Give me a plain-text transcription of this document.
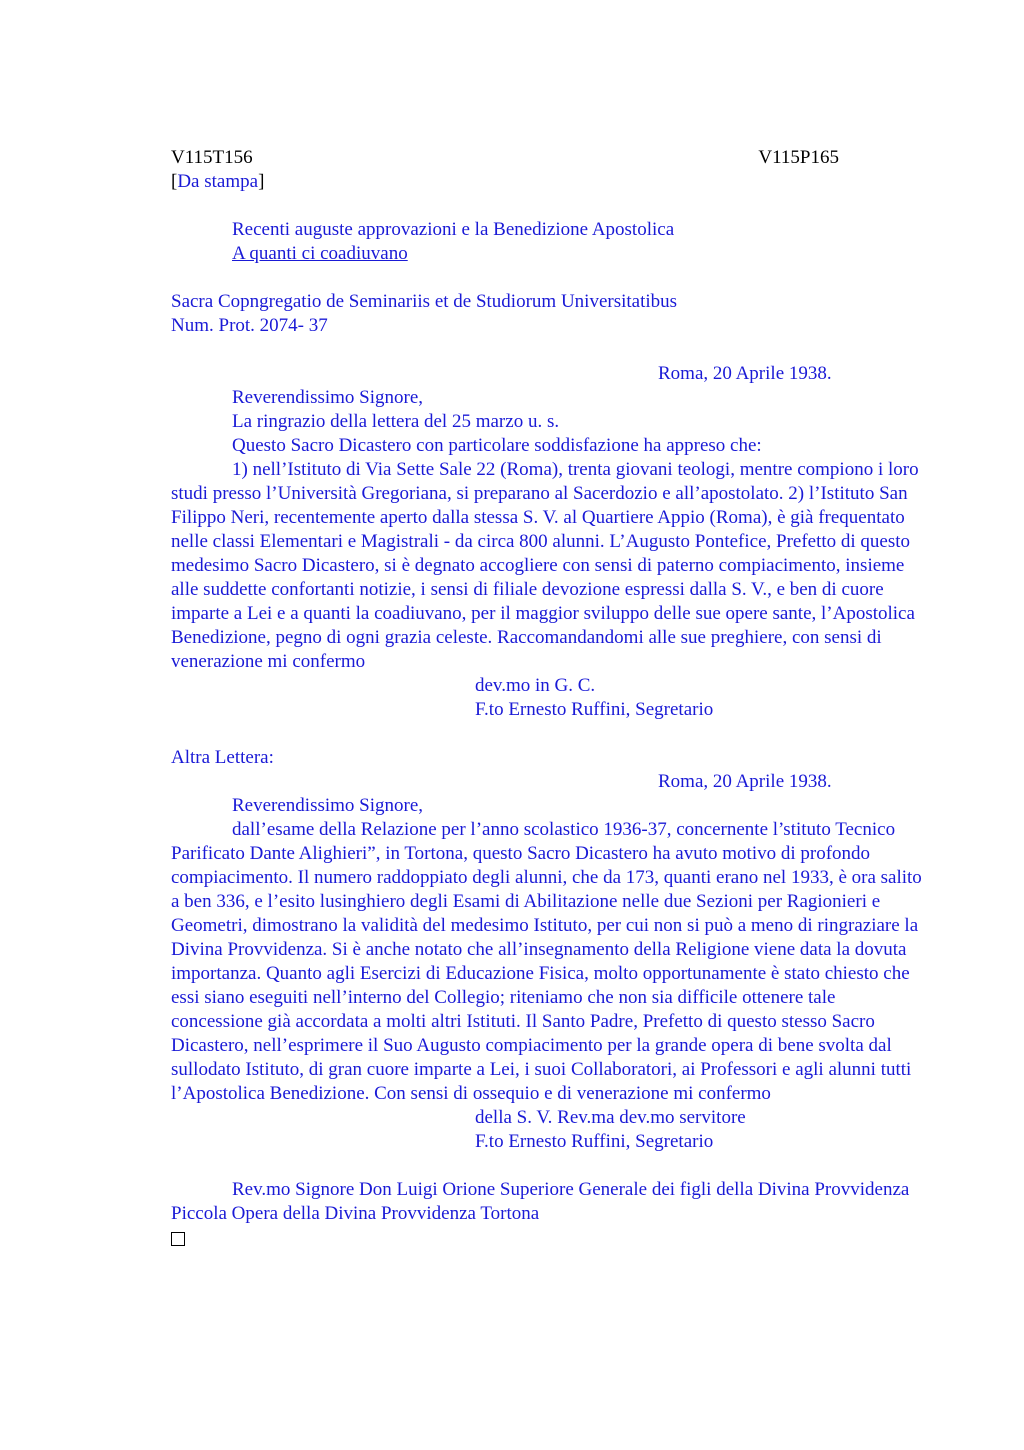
V115T156	V115P165
[Da stampa]
Recenti auguste approvazioni e la Benedizione Apostolica
A quanti ci coadiuvano
Sacra Copngregatio de Seminariis et de Studiorum Universitatibus
Num. Prot. 2074- 37
Roma, 20 Aprile 1938.
Reverendissimo Signore,
La ringrazio della lettera del 25 marzo u. s.
Questo Sacro Dicastero con particolare soddisfazione ha appreso che:
1) nell’Istituto di Via Sette Sale 22 (Roma), trenta giovani teologi, mentre compiono i loro studi presso l’Università Gregoriana, si preparano al Sacerdozio e all’apostolato. 2) l’Istituto San Filippo Neri, recentemente aperto dalla stessa S. V. al Quartiere Appio (Roma), è già frequentato nelle classi Elementari e Magistrali - da circa 800 alunni. L’Augusto Pontefice, Prefetto di questo medesimo Sacro Dicastero, si è degnato accogliere con sensi di paterno compiacimento, insieme alle suddette confortanti notizie, i sensi di filiale devozione espressi dalla S. V., e ben di cuore imparte a Lei e a quanti la coadiuvano, per il maggior sviluppo delle sue opere sante, l’Apostolica Benedizione, pegno di ogni grazia celeste. Raccomandandomi alle sue preghiere, con sensi di venerazione mi confermo
dev.mo in G. C.
F.to Ernesto Ruffini, Segretario
Altra Lettera:
Roma, 20 Aprile 1938.
Reverendissimo Signore,
dall’esame della Relazione per l’anno scolastico 1936-37, concernente l’stituto Tecnico Parificato Dante Alighieri”, in Tortona, questo Sacro Dicastero ha avuto motivo di profondo compiacimento. Il numero raddoppiato degli alunni, che da 173, quanti erano nel 1933, è ora salito a ben 336, e l’esito lusinghiero degli Esami di Abilitazione nelle due Sezioni per Ragionieri e Geometri, dimostrano la validità del medesimo Istituto, per cui non si può a meno di ringraziare la Divina Provvidenza. Si è anche notato che all’insegnamento della Religione viene data la dovuta importanza. Quanto agli Esercizi di Educazione Fisica, molto opportunamente è stato chiesto che essi siano eseguiti nell’interno del Collegio; riteniamo che non sia difficile ottenere tale concessione già accordata a molti altri Istituti. Il Santo Padre, Prefetto di questo stesso Sacro Dicastero, nell’esprimere il Suo Augusto compiacimento per la grande opera di bene svolta dal sullodato Istituto, di gran cuore imparte a Lei, i suoi Collaboratori, ai Professori e agli alunni tutti l’Apostolica Benedizione. Con sensi di ossequio e di venerazione mi confermo
della S. V. Rev.ma dev.mo servitore
F.to Ernesto Ruffini, Segretario
Rev.mo Signore Don Luigi Orione Superiore Generale dei figli della Divina Provvidenza Piccola Opera della Divina Provvidenza Tortona
